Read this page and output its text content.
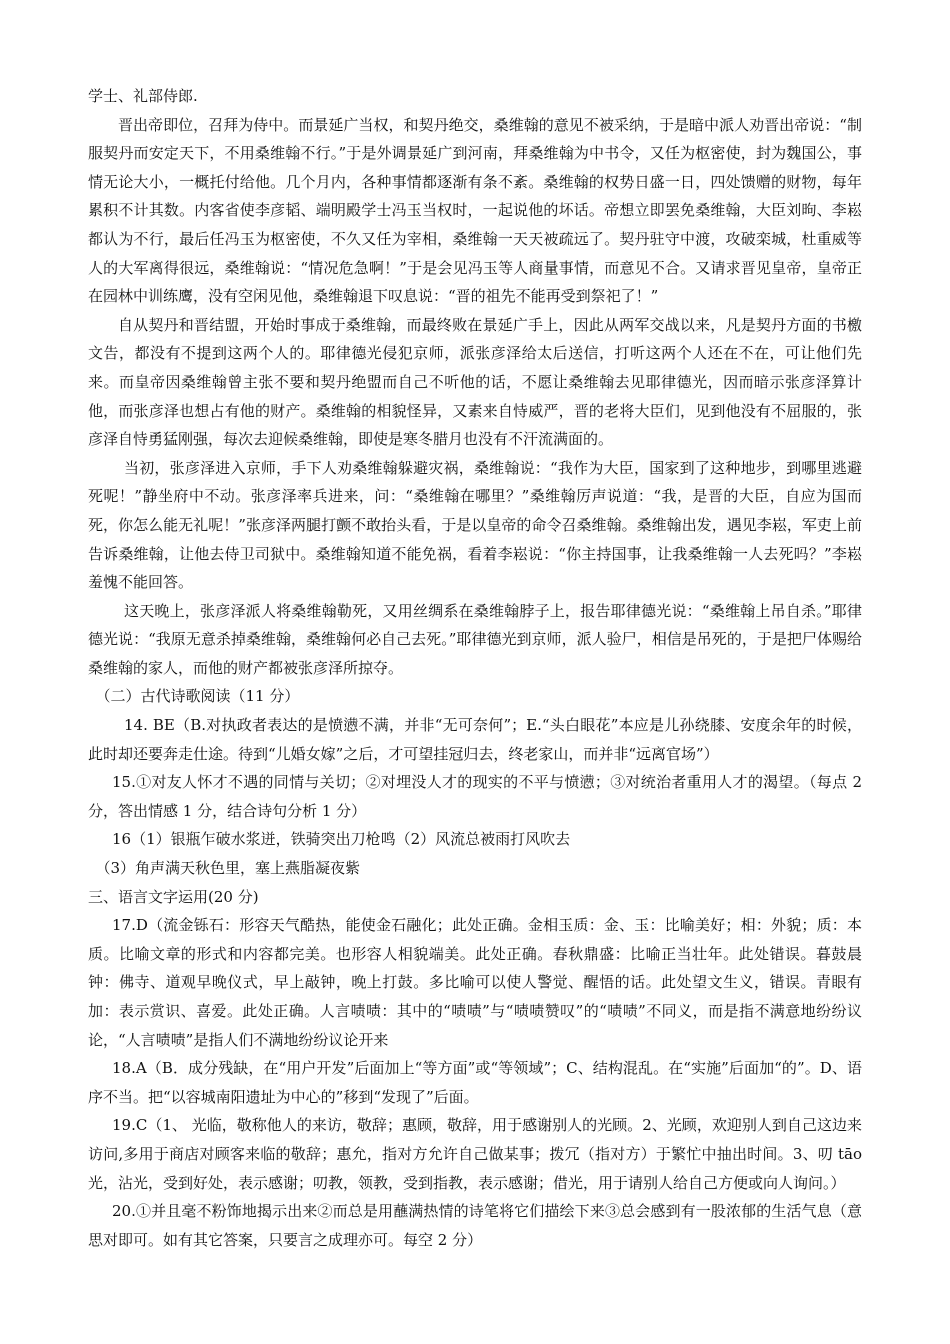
学士、礼部侍郎.

晋出帝即位，召拜为侍中。而景延广当权，和契丹绝交，桑维翰的意见不被采纳，于是暗中派人劝晋出帝说：“制服契丹而安定天下，不用桑维翰不行。”于是外调景延广到河南，拜桑维翰为中书令，又任为枢密使，封为魏国公，事情无论大小，一概托付给他。几个月内，各种事情都逐渐有条不紊。桑维翰的权势日盛一日，四处馈赠的财物，每年累积不计其数。内客省使李彦韬、端明殿学士冯玉当权时，一起说他的坏话。帝想立即罢免桑维翰，大臣刘昫、李崧都认为不行，最后任冯玉为枢密使，不久又任为宰相，桑维翰一天天被疏远了。契丹驻守中渡，攻破栾城，杜重威等人的大军离得很远，桑维翰说：“情况危急啊！”于是会见冯玉等人商量事情，而意见不合。又请求晋见皇帝，皇帝正在园林中训练鹰，没有空闲见他，桑维翰退下叹息说：“晋的祖先不能再受到祭祀了！”

自从契丹和晋结盟，开始时事成于桑维翰，而最终败在景延广手上，因此从两军交战以来，凡是契丹方面的书檄文告，都没有不提到这两个人的。耶律德光侵犯京师，派张彦泽给太后送信，打听这两个人还在不在，可让他们先来。而皇帝因桑维翰曾主张不要和契丹绝盟而自己不听他的话，不愿让桑维翰去见耶律德光，因而暗示张彦泽算计他，而张彦泽也想占有他的财产。桑维翰的相貌怪异，又素来自恃威严，晋的老将大臣们，见到他没有不屈服的，张彦泽自恃勇猛刚强，每次去迎候桑维翰，即使是寒冬腊月也没有不汗流满面的。

当初，张彦泽进入京师，手下人劝桑维翰躲避灾祸，桑维翰说：“我作为大臣，国家到了这种地步，到哪里逃避死呢！”静坐府中不动。张彦泽率兵进来，问：“桑维翰在哪里？”桑维翰厉声说道：“我，是晋的大臣，自应为国而死，你怎么能无礼呢！”张彦泽两腿打颤不敢抬头看，于是以皇帝的命令召桑维翰。桑维翰出发，遇见李崧，军吏上前告诉桑维翰，让他去侍卫司狱中。桑维翰知道不能免祸，看着李崧说：“你主持国事，让我桑维翰一人去死吗？”李崧羞愧不能回答。

这天晚上，张彦泽派人将桑维翰勒死，又用丝绸系在桑维翰脖子上，报告耶律德光说：“桑维翰上吊自杀。”耶律德光说：“我原无意杀掉桑维翰，桑维翰何必自己去死。”耶律德光到京师，派人验尸，相信是吊死的，于是把尸体赐给桑维翰的家人，而他的财产都被张彦泽所掠夺。

（二）古代诗歌阅读（11 分）

14. BE（B.对执政者表达的是愤懑不满，并非“无可奈何”；E.“头白眼花”本应是儿孙绕膝、安度余年的时候，此时却还要奔走仕途。待到“儿婚女嫁”之后，才可望挂冠归去，终老家山，而并非“远离官场”）

15.①对友人怀才不遇的同情与关切；②对埋没人才的现实的不平与愤懑；③对统治者重用人才的渴望。（每点 2 分，答出情感 1 分，结合诗句分析 1 分）

16（1）银瓶乍破水浆迸，铁骑突出刀枪鸣（2）风流总被雨打风吹去

（3）角声满天秋色里，塞上燕脂凝夜紫

三、语言文字运用(20 分)

17.D（流金铄石：形容天气酷热，能使金石融化；此处正确。金相玉质：金、玉：比喻美好；相：外貌；质：本质。比喻文章的形式和内容都完美。也形容人相貌端美。此处正确。春秋鼎盛：比喻正当壮年。此处错误。暮鼓晨钟：佛寺、道观早晚仪式，早上敲钟，晚上打鼓。多比喻可以使人警觉、醒悟的话。此处望文生义，错误。青眼有加：表示赏识、喜爱。此处正确。人言啧啧：其中的“啧啧”与“啧啧赞叹”的“啧啧”不同义，而是指不满意地纷纷议论，“人言啧啧”是指人们不满地纷纷议论开来

18.A（B．成分残缺，在“用户开发”后面加上“等方面”或“等领域”；C、结构混乱。在“实施”后面加“的”。D、语序不当。把“以容城南阳遗址为中心的”移到“发现了”后面。

19.C（1、 光临，敬称他人的来访，敬辞；惠顾，敬辞，用于感谢别人的光顾。2、光顾，欢迎别人到自己这边来访问,多用于商店对顾客来临的敬辞；惠允，指对方允许自己做某事；拨冗（指对方）于繁忙中抽出时间。3、叨 tāo 光，沾光，受到好处，表示感谢；叨教，领教，受到指教，表示感谢；借光，用于请别人给自己方便或向人询问。）

20.①并且毫不粉饰地揭示出来②而总是用蘸满热情的诗笔将它们描绘下来③总会感到有一股浓郁的生活气息（意思对即可。如有其它答案，只要言之成理亦可。每空 2 分）
